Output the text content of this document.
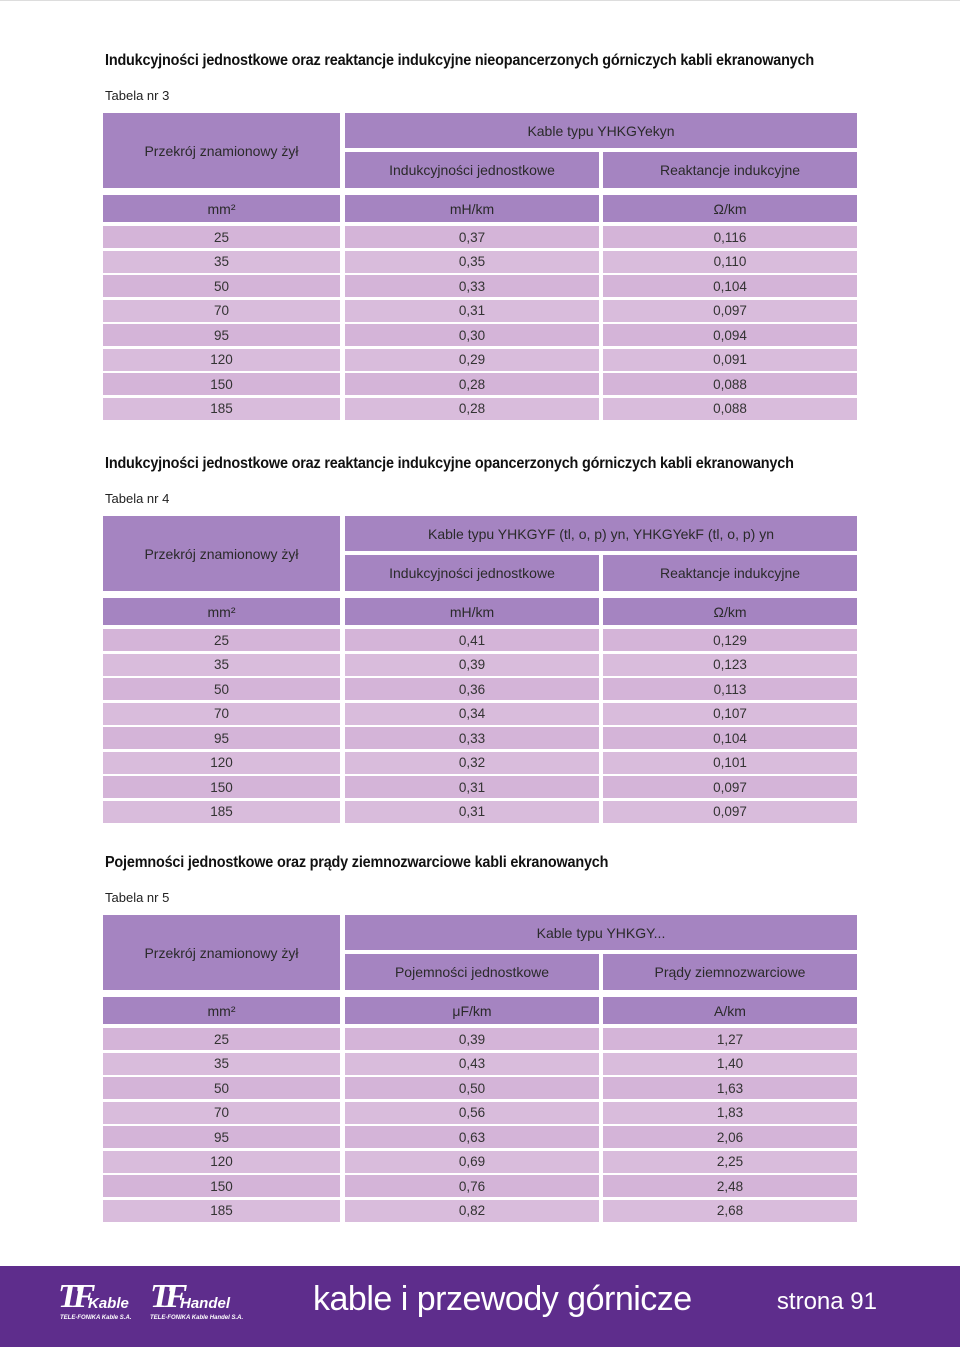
Indukcyjności jednostkowe oraz reaktancje indukcyjne nieopancerzonych górniczych kabli ekranowanych
Tabela nr 3
Przekrój znamionowy żył
Kable typu YHKGYekyn
Indukcyjności jednostkowe	Reaktancje indukcyjne
mm²	mH/km	Ω/km
25	0,37	0,116
35	0,35	0,110
50	0,33	0,104
70	0,31	0,097
95	0,30	0,094
120	0,29	0,091
150	0,28	0,088
185	0,28	0,088
Indukcyjności jednostkowe oraz reaktancje indukcyjne opancerzonych górniczych kabli ekranowanych
Tabela nr 4
Przekrój znamionowy żył
Kable typu YHKGYF (tl, o, p) yn, YHKGYekF (tl, o, p) yn
Indukcyjności jednostkowe	Reaktancje indukcyjne
mm²	mH/km	Ω/km
25	0,41	0,129
35	0,39	0,123
50	0,36	0,113
70	0,34	0,107
95	0,33	0,104
120	0,32	0,101
150	0,31	0,097
185	0,31	0,097
Pojemności jednostkowe oraz prądy ziemnozwarciowe kabli ekranowanych
Tabela nr 5
Przekrój znamionowy żył
Kable typu YHKGY...
Pojemności jednostkowe	Prądy ziemnozwarciowe
mm²	μF/km	A/km
25	0,39	1,27
35	0,43	1,40
50	0,50	1,63
70	0,56	1,83
95	0,63	2,06
120	0,69	2,25
150	0,76	2,48
185	0,82	2,68
TF
Kable
TELE-FONIKA Kable S.A.
TF
Handel
TELE-FONIKA Kable Handel S.A. kable i przewody górnicze	strona 91
